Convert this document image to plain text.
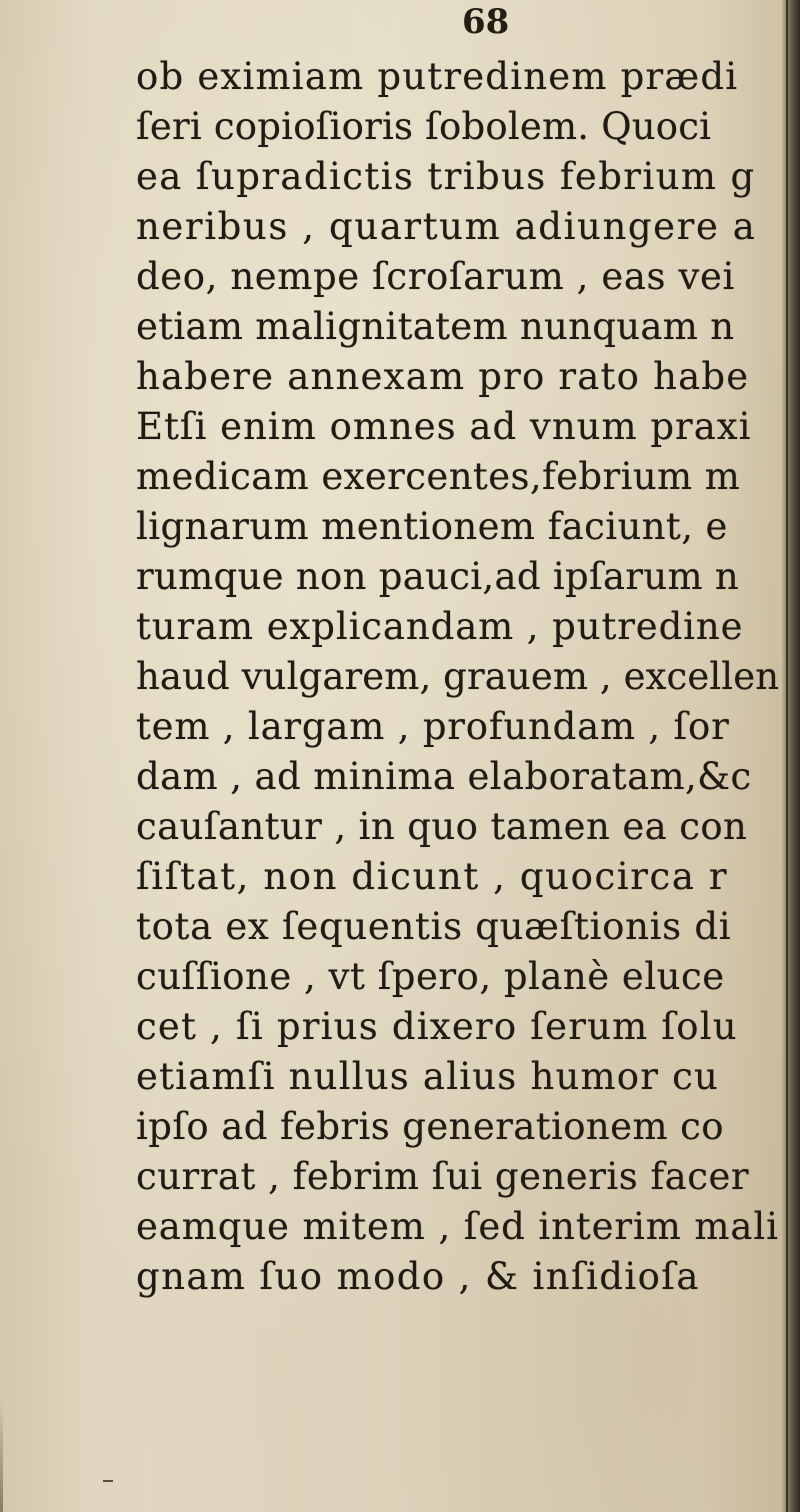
68

ob eximiam putredinem prædi
ſeri copioſioris ſobolem. Quoci
ea ſupradictis tribus febrium g
neribus , quartum adiungere a
deo, nempe ſcroſarum , eas vei
etiam malignitatem nunquam n
habere annexam pro rato habe
Etſi enim omnes ad vnum praxi
medicam exercentes,febrium m
lignarum mentionem faciunt, e
rumque non pauci,ad ipſarum n
turam explicandam , putredine
haud vulgarem, grauem , excellen
tem , largam , profundam , ſor
dam , ad minima elaboratam,&c
cauſantur , in quo tamen ea con
ſiſtat, non dicunt , quocirca r
tota ex ſequentis quæſtionis di
cuſſione , vt ſpero, planè eluce
cet , ſi prius dixero ſerum ſolu
etiamſi nullus alius humor cu
ipſo ad febris generationem co
currat , febrim ſui generis facer
eamque mitem , ſed interim mali
gnam ſuo modo , & inſidioſa
